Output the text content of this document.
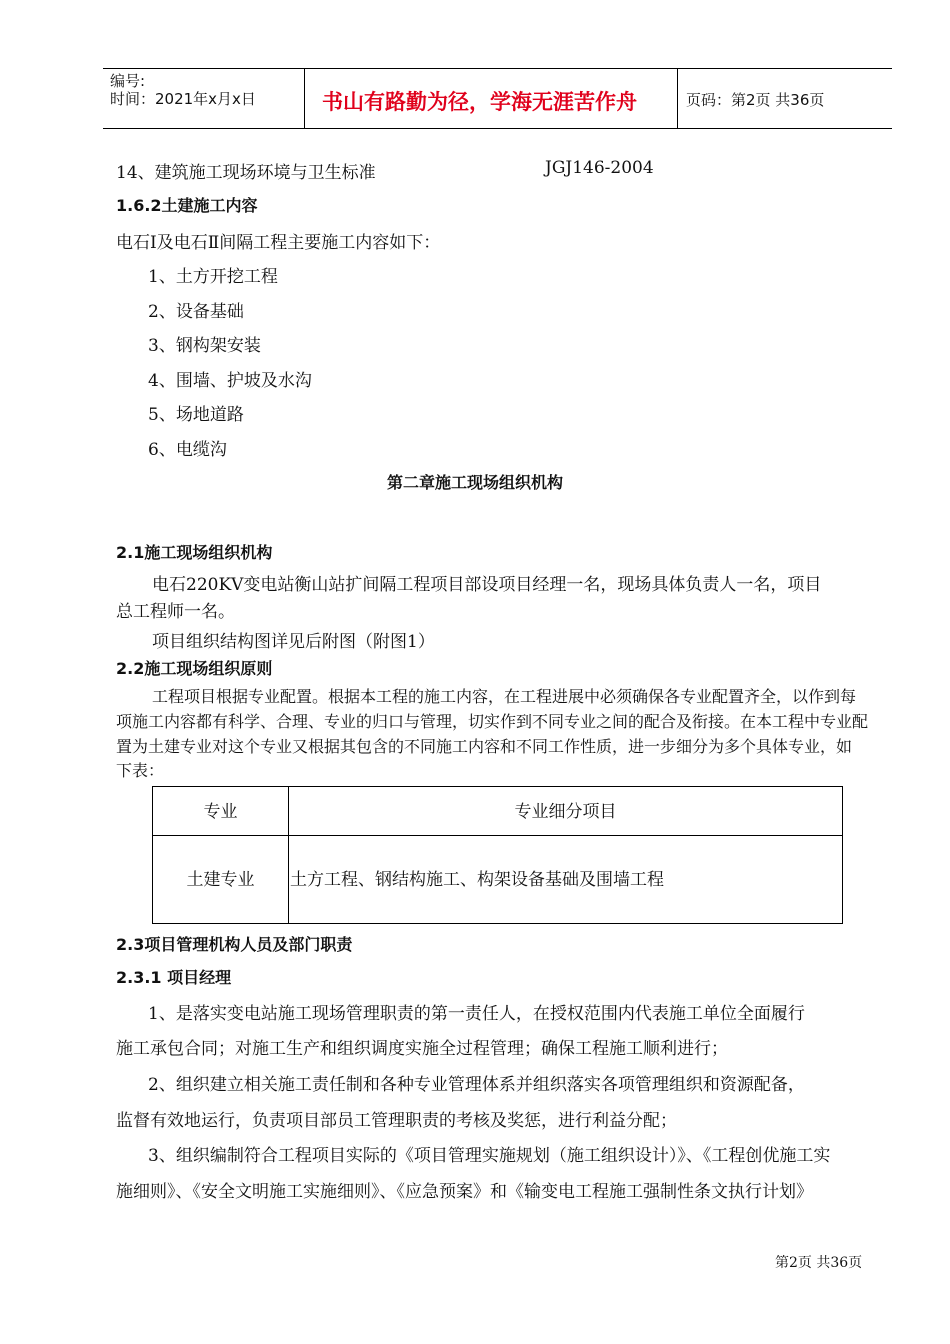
编号:
时间：2021年x月x日	书山有路勤为径，学海无涯苦作舟	页码：第2页 共36页
14、建筑施工现场环境与卫生标准	JGJ146-2004
1.6.2土建施工内容
电石Ⅰ及电石Ⅱ间隔工程主要施工内容如下：
1、土方开挖工程
2、设备基础
3、钢构架安装
4、围墙、护坡及水沟
5、场地道路
6、电缆沟
第二章施工现场组织机构
2.1施工现场组织机构
电石220KV变电站衡山站扩间隔工程项目部设项目经理一名，现场具体负责人一名，项目
总工程师一名。
项目组织结构图详见后附图（附图1）
2.2施工现场组织原则
工程项目根据专业配置。根据本工程的施工内容，在工程进展中必须确保各专业配置齐全，以作到每
项施工内容都有科学、合理、专业的归口与管理，切实作到不同专业之间的配合及衔接。在本工程中专业配
置为土建专业对这个专业又根据其包含的不同施工内容和不同工作性质，进一步细分为多个具体专业，如
下表：
专业	专业细分项目
土建专业	土方工程、钢结构施工、构架设备基础及围墙工程
2.3项目管理机构人员及部门职责
2.3.1 项目经理
1、是落实变电站施工现场管理职责的第一责任人，在授权范围内代表施工单位全面履行
施工承包合同；对施工生产和组织调度实施全过程管理；确保工程施工顺利进行；
2、组织建立相关施工责任制和各种专业管理体系并组织落实各项管理组织和资源配备，
监督有效地运行，负责项目部员工管理职责的考核及奖惩，进行利益分配；
3、组织编制符合工程项目实际的《项目管理实施规划（施工组织设计）》、《工程创优施工实
施细则》、《安全文明施工实施细则》、《应急预案》和《输变电工程施工强制性条文执行计划》
第2页 共36页
